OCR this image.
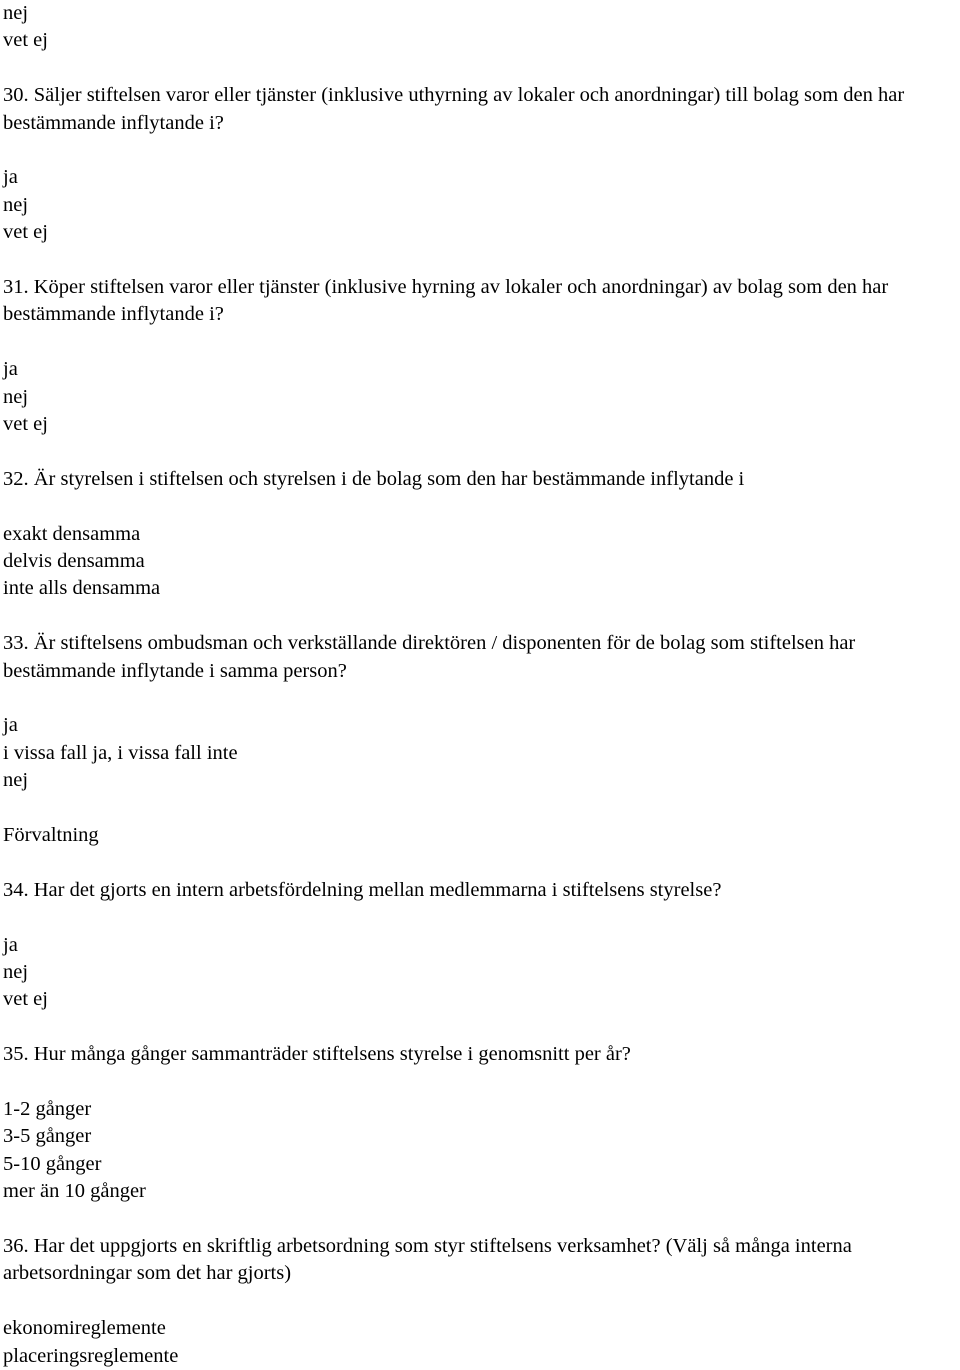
nej
vet ej
30. Säljer stiftelsen varor eller tjänster (inklusive uthyrning av lokaler och anordningar) till bolag som den har bestämmande inflytande i?
ja
nej
vet ej
31. Köper stiftelsen varor eller tjänster (inklusive hyrning av lokaler och anordningar) av bolag som den har bestämmande inflytande i?
ja
nej
vet ej
32. Är styrelsen i stiftelsen och styrelsen i de bolag som den har bestämmande inflytande i
exakt densamma
delvis densamma
inte alls densamma
33. Är stiftelsens ombudsman och verkställande direktören / disponenten för de bolag som stiftelsen har bestämmande inflytande i samma person?
ja
i vissa fall ja, i vissa fall inte
nej
Förvaltning
34. Har det gjorts en intern arbetsfördelning mellan medlemmarna i stiftelsens styrelse?
ja
nej
vet ej
35. Hur många gånger sammanträder stiftelsens styrelse i genomsnitt per år?
1-2 gånger
3-5 gånger
5-10 gånger
mer än 10 gånger
36. Har det uppgjorts en skriftlig arbetsordning som styr stiftelsens verksamhet? (Välj så många interna arbetsordningar som det har gjorts)
ekonomireglemente
placeringsreglemente
